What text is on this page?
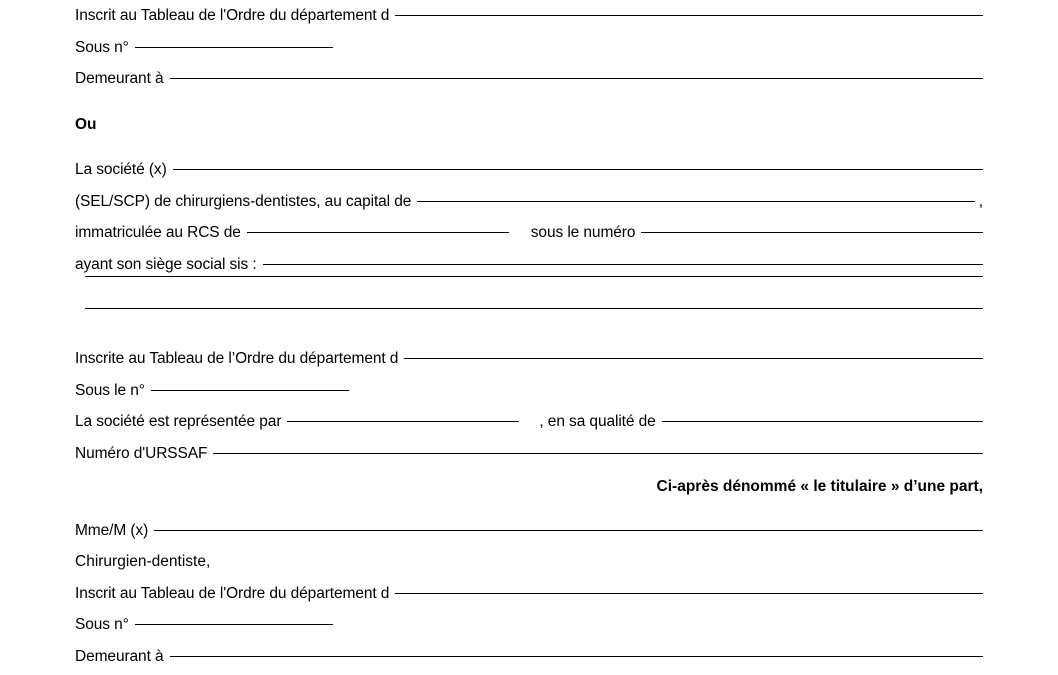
Inscrit au Tableau de l'Ordre du département d
Sous n°
Demeurant à
Ou
La société (x)
(SEL/SCP) de chirurgiens-dentistes, au capital de	,
immatriculée au RCS de	sous le numéro
ayant son siège social sis :
Inscrite au Tableau de l’Ordre du département d
Sous le n°
La société est représentée par	, en sa qualité de
Numéro d'URSSAF
Ci-après dénommé « le titulaire » d’une part,
Mme/M (x)
Chirurgien-dentiste,
Inscrit au Tableau de l'Ordre du département d
Sous n°
Demeurant à
